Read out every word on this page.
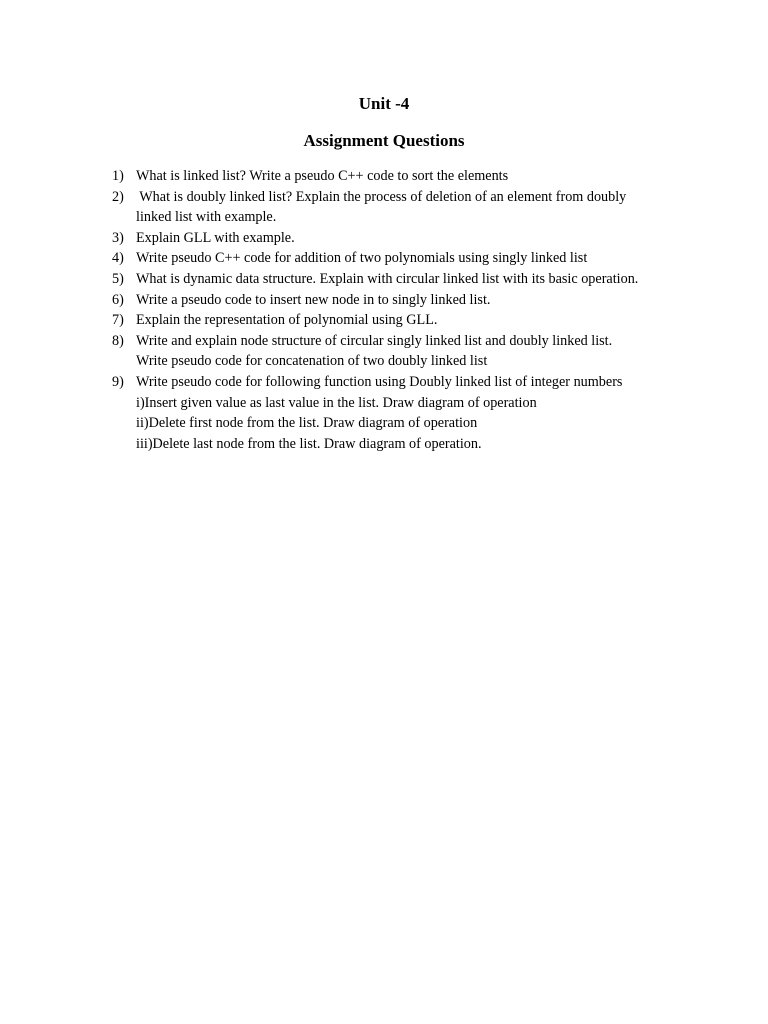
Unit -4
Assignment Questions
1) What is linked list? Write a pseudo C++ code to sort the elements
2) What is doubly linked list? Explain the process of deletion of an element from doubly
linked list with example.
3) Explain GLL with example.
4) Write pseudo C++ code for addition of two polynomials using singly linked list
5) What is dynamic data structure. Explain with circular linked list with its basic operation.
6) Write a pseudo code to insert new node in to singly linked list.
7) Explain the representation of polynomial using GLL.
8) Write and explain node structure of circular singly linked list and doubly linked list.
Write pseudo code for concatenation of two doubly linked list
9) Write pseudo code for following function using Doubly linked list of integer numbers
i)Insert given value as last value in the list. Draw diagram of operation
ii)Delete first node from the list. Draw diagram of operation
iii)Delete last node from the list. Draw diagram of operation.
